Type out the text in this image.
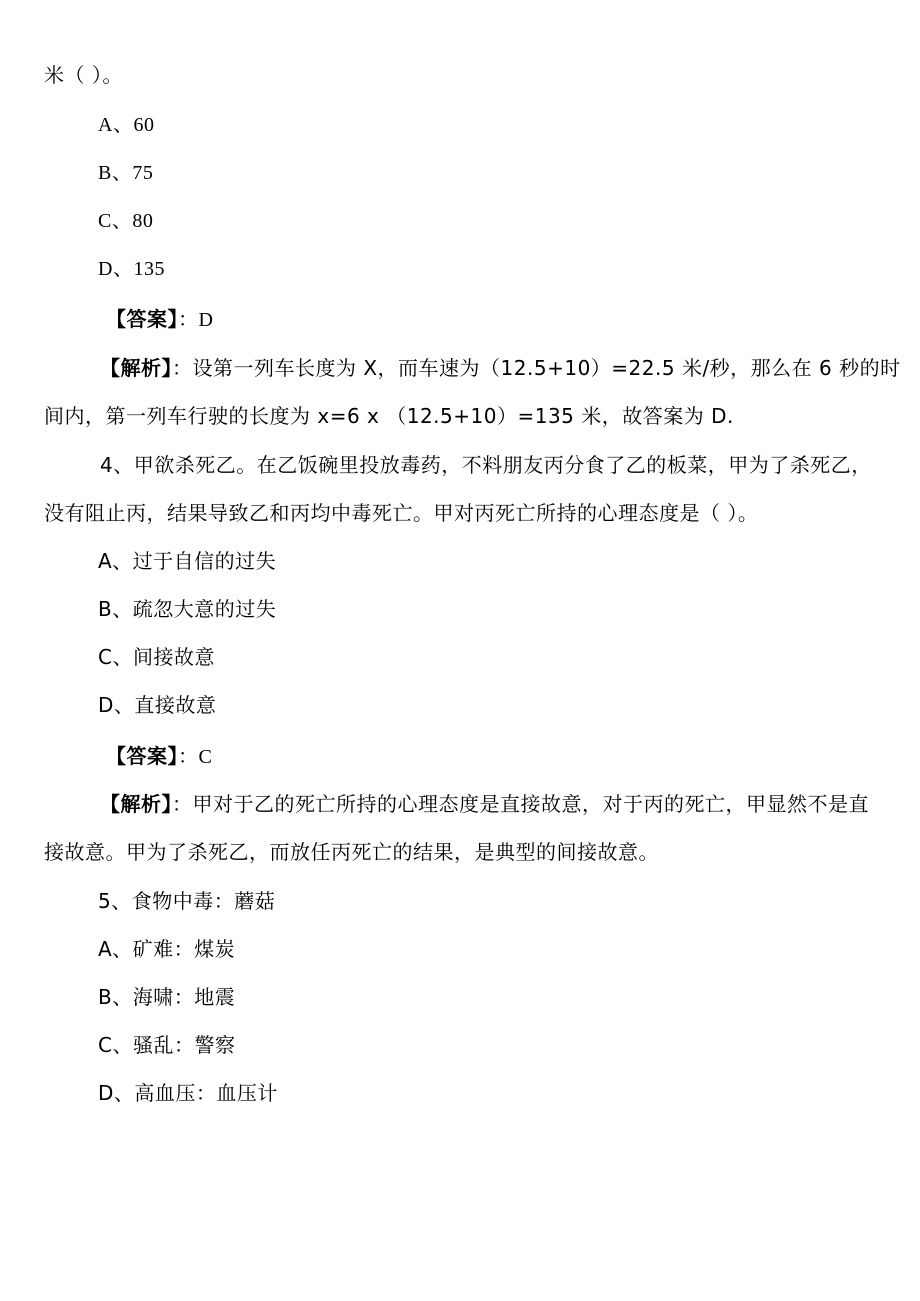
米（ ）。
A、60
B、75
C、80
D、135
【答案】：D
【解析】：设第一列车长度为 X，而车速为（12.5+10）=22.5 米/秒，那么在 6 秒的时
间内，第一列车行驶的长度为 x=6 x （12.5+10）=135 米，故答案为 D.
4、甲欲杀死乙。在乙饭碗里投放毒药，不料朋友丙分食了乙的板菜，甲为了杀死乙，
没有阻止丙，结果导致乙和丙均中毒死亡。甲对丙死亡所持的心理态度是（ ）。
A、过于自信的过失
B、疏忽大意的过失
C、间接故意
D、直接故意
【答案】：C
【解析】：甲对于乙的死亡所持的心理态度是直接故意，对于丙的死亡，甲显然不是直
接故意。甲为了杀死乙，而放任丙死亡的结果，是典型的间接故意。
5、食物中毒：蘑菇
A、矿难：煤炭
B、海啸：地震
C、骚乱：警察
D、高血压：血压计
